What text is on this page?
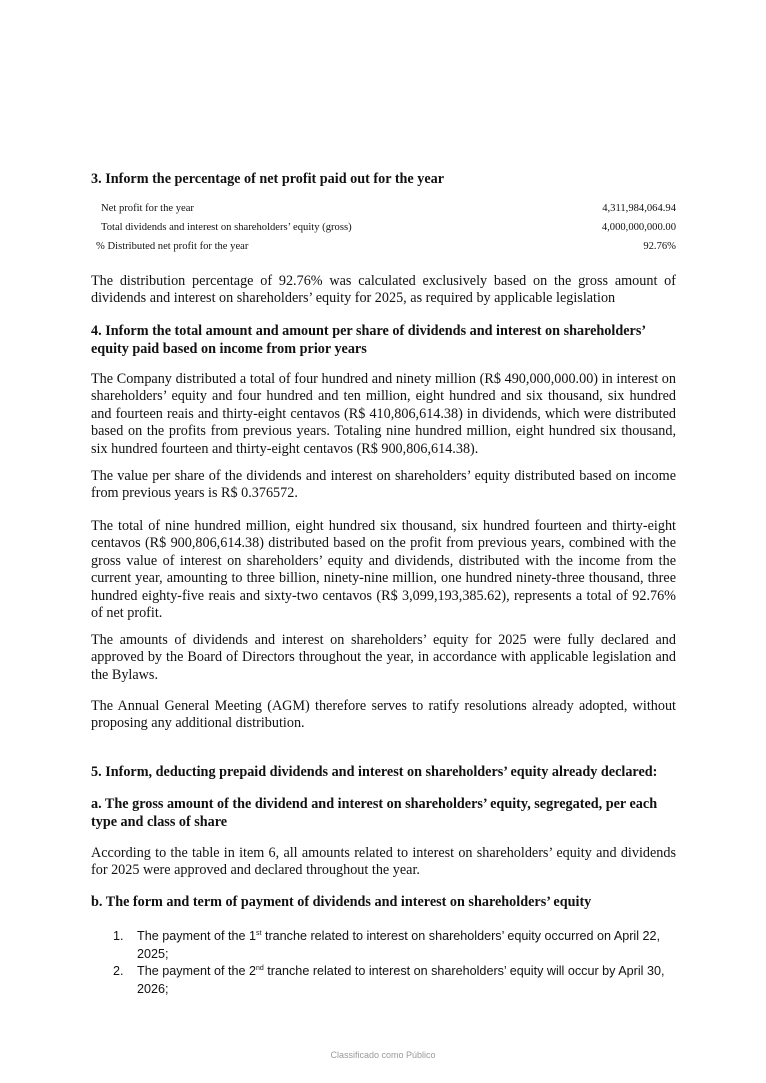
3. Inform the percentage of net profit paid out for the year
Net profit for the year	4,311,984,064.94
Total dividends and interest on shareholders’ equity (gross)	4,000,000,000.00
% Distributed net profit for the year	92.76%
The distribution percentage of 92.76% was calculated exclusively based on the gross amount of dividends and interest on shareholders’ equity for 2025, as required by applicable legislation
4. Inform the total amount and amount per share of dividends and interest on shareholders’ equity paid based on income from prior years
The Company distributed a total of four hundred and ninety million (R$ 490,000,000.00) in interest on shareholders’ equity and four hundred and ten million, eight hundred and six thousand, six hundred and fourteen reais and thirty-eight centavos (R$ 410,806,614.38) in dividends, which were distributed based on the profits from previous years. Totaling nine hundred million, eight hundred six thousand, six hundred fourteen and thirty-eight centavos (R$ 900,806,614.38).
The value per share of the dividends and interest on shareholders’ equity distributed based on income from previous years is R$ 0.376572.
The total of nine hundred million, eight hundred six thousand, six hundred fourteen and thirty-eight centavos (R$ 900,806,614.38) distributed based on the profit from previous years, combined with the gross value of interest on shareholders’ equity and dividends, distributed with the income from the current year, amounting to three billion, ninety-nine million, one hundred ninety-three thousand, three hundred eighty-five reais and sixty-two centavos (R$ 3,099,193,385.62), represents a total of 92.76% of net profit.
The amounts of dividends and interest on shareholders’ equity for 2025 were fully declared and approved by the Board of Directors throughout the year, in accordance with applicable legislation and the Bylaws.
The Annual General Meeting (AGM) therefore serves to ratify resolutions already adopted, without proposing any additional distribution.
5. Inform, deducting prepaid dividends and interest on shareholders’ equity already declared:
a. The gross amount of the dividend and interest on shareholders’ equity, segregated, per each type and class of share
According to the table in item 6, all amounts related to interest on shareholders’ equity and dividends for 2025 were approved and declared throughout the year.
b. The form and term of payment of dividends and interest on shareholders’ equity
1. The payment of the 1st tranche related to interest on shareholders’ equity occurred on April 22, 2025;
2. The payment of the 2nd tranche related to interest on shareholders’ equity will occur by April 30, 2026;
Classificado como Público
